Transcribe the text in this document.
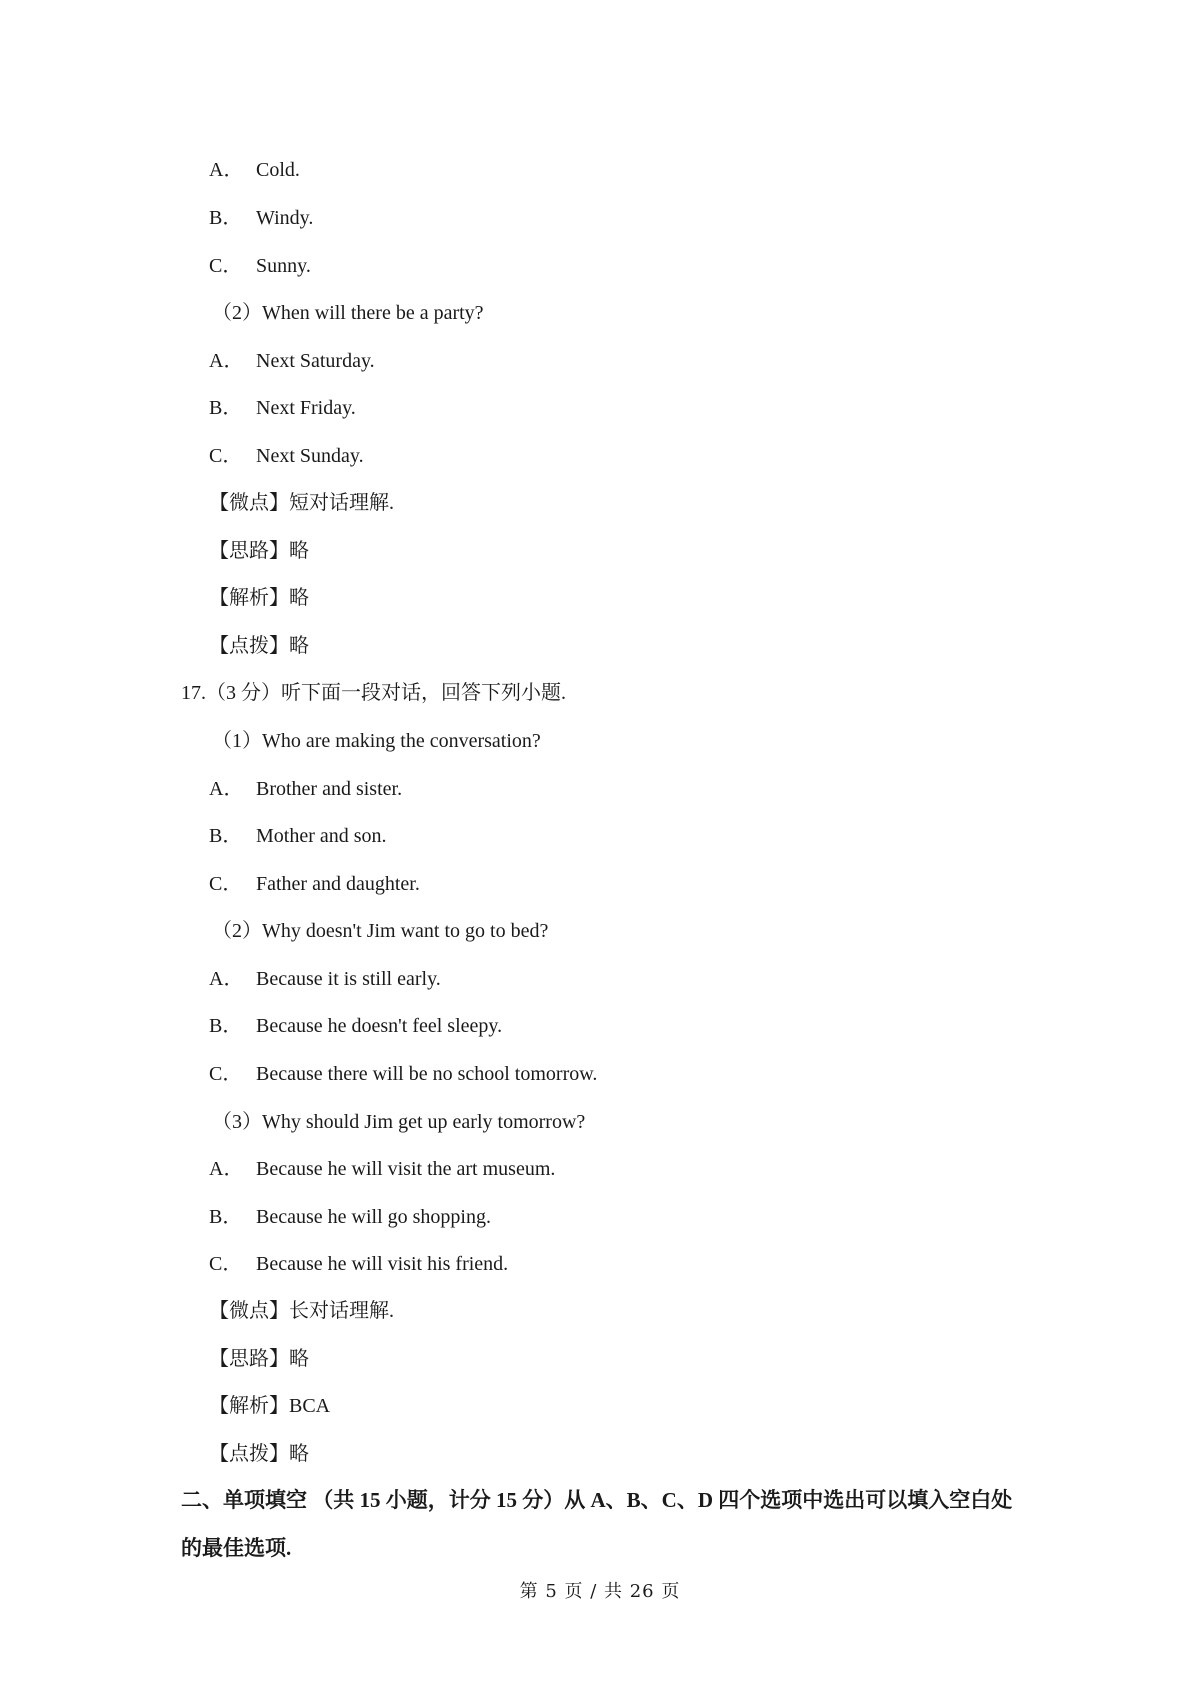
A． Cold.
B． Windy.
C． Sunny.
（2）When will there be a party?
A． Next Saturday.
B． Next Friday.
C． Next Sunday.
【微点】短对话理解.
【思路】略
【解析】略
【点拨】略
17.（3 分）听下面一段对话，回答下列小题.
（1）Who are making the conversation?
A． Brother and sister.
B． Mother and son.
C． Father and daughter.
（2）Why doesn't Jim want to go to bed?
A． Because it is still early.
B． Because he doesn't feel sleepy.
C． Because there will be no school tomorrow.
（3）Why should Jim get up early tomorrow?
A． Because he will visit the art museum.
B． Because he will go shopping.
C． Because he will visit his friend.
【微点】长对话理解.
【思路】略
【解析】BCA
【点拨】略
二、单项填空 （共 15 小题，计分 15 分）从 A、B、C、D 四个选项中选出可以填入空白处
的最佳选项.
第 5 页 / 共 26 页
